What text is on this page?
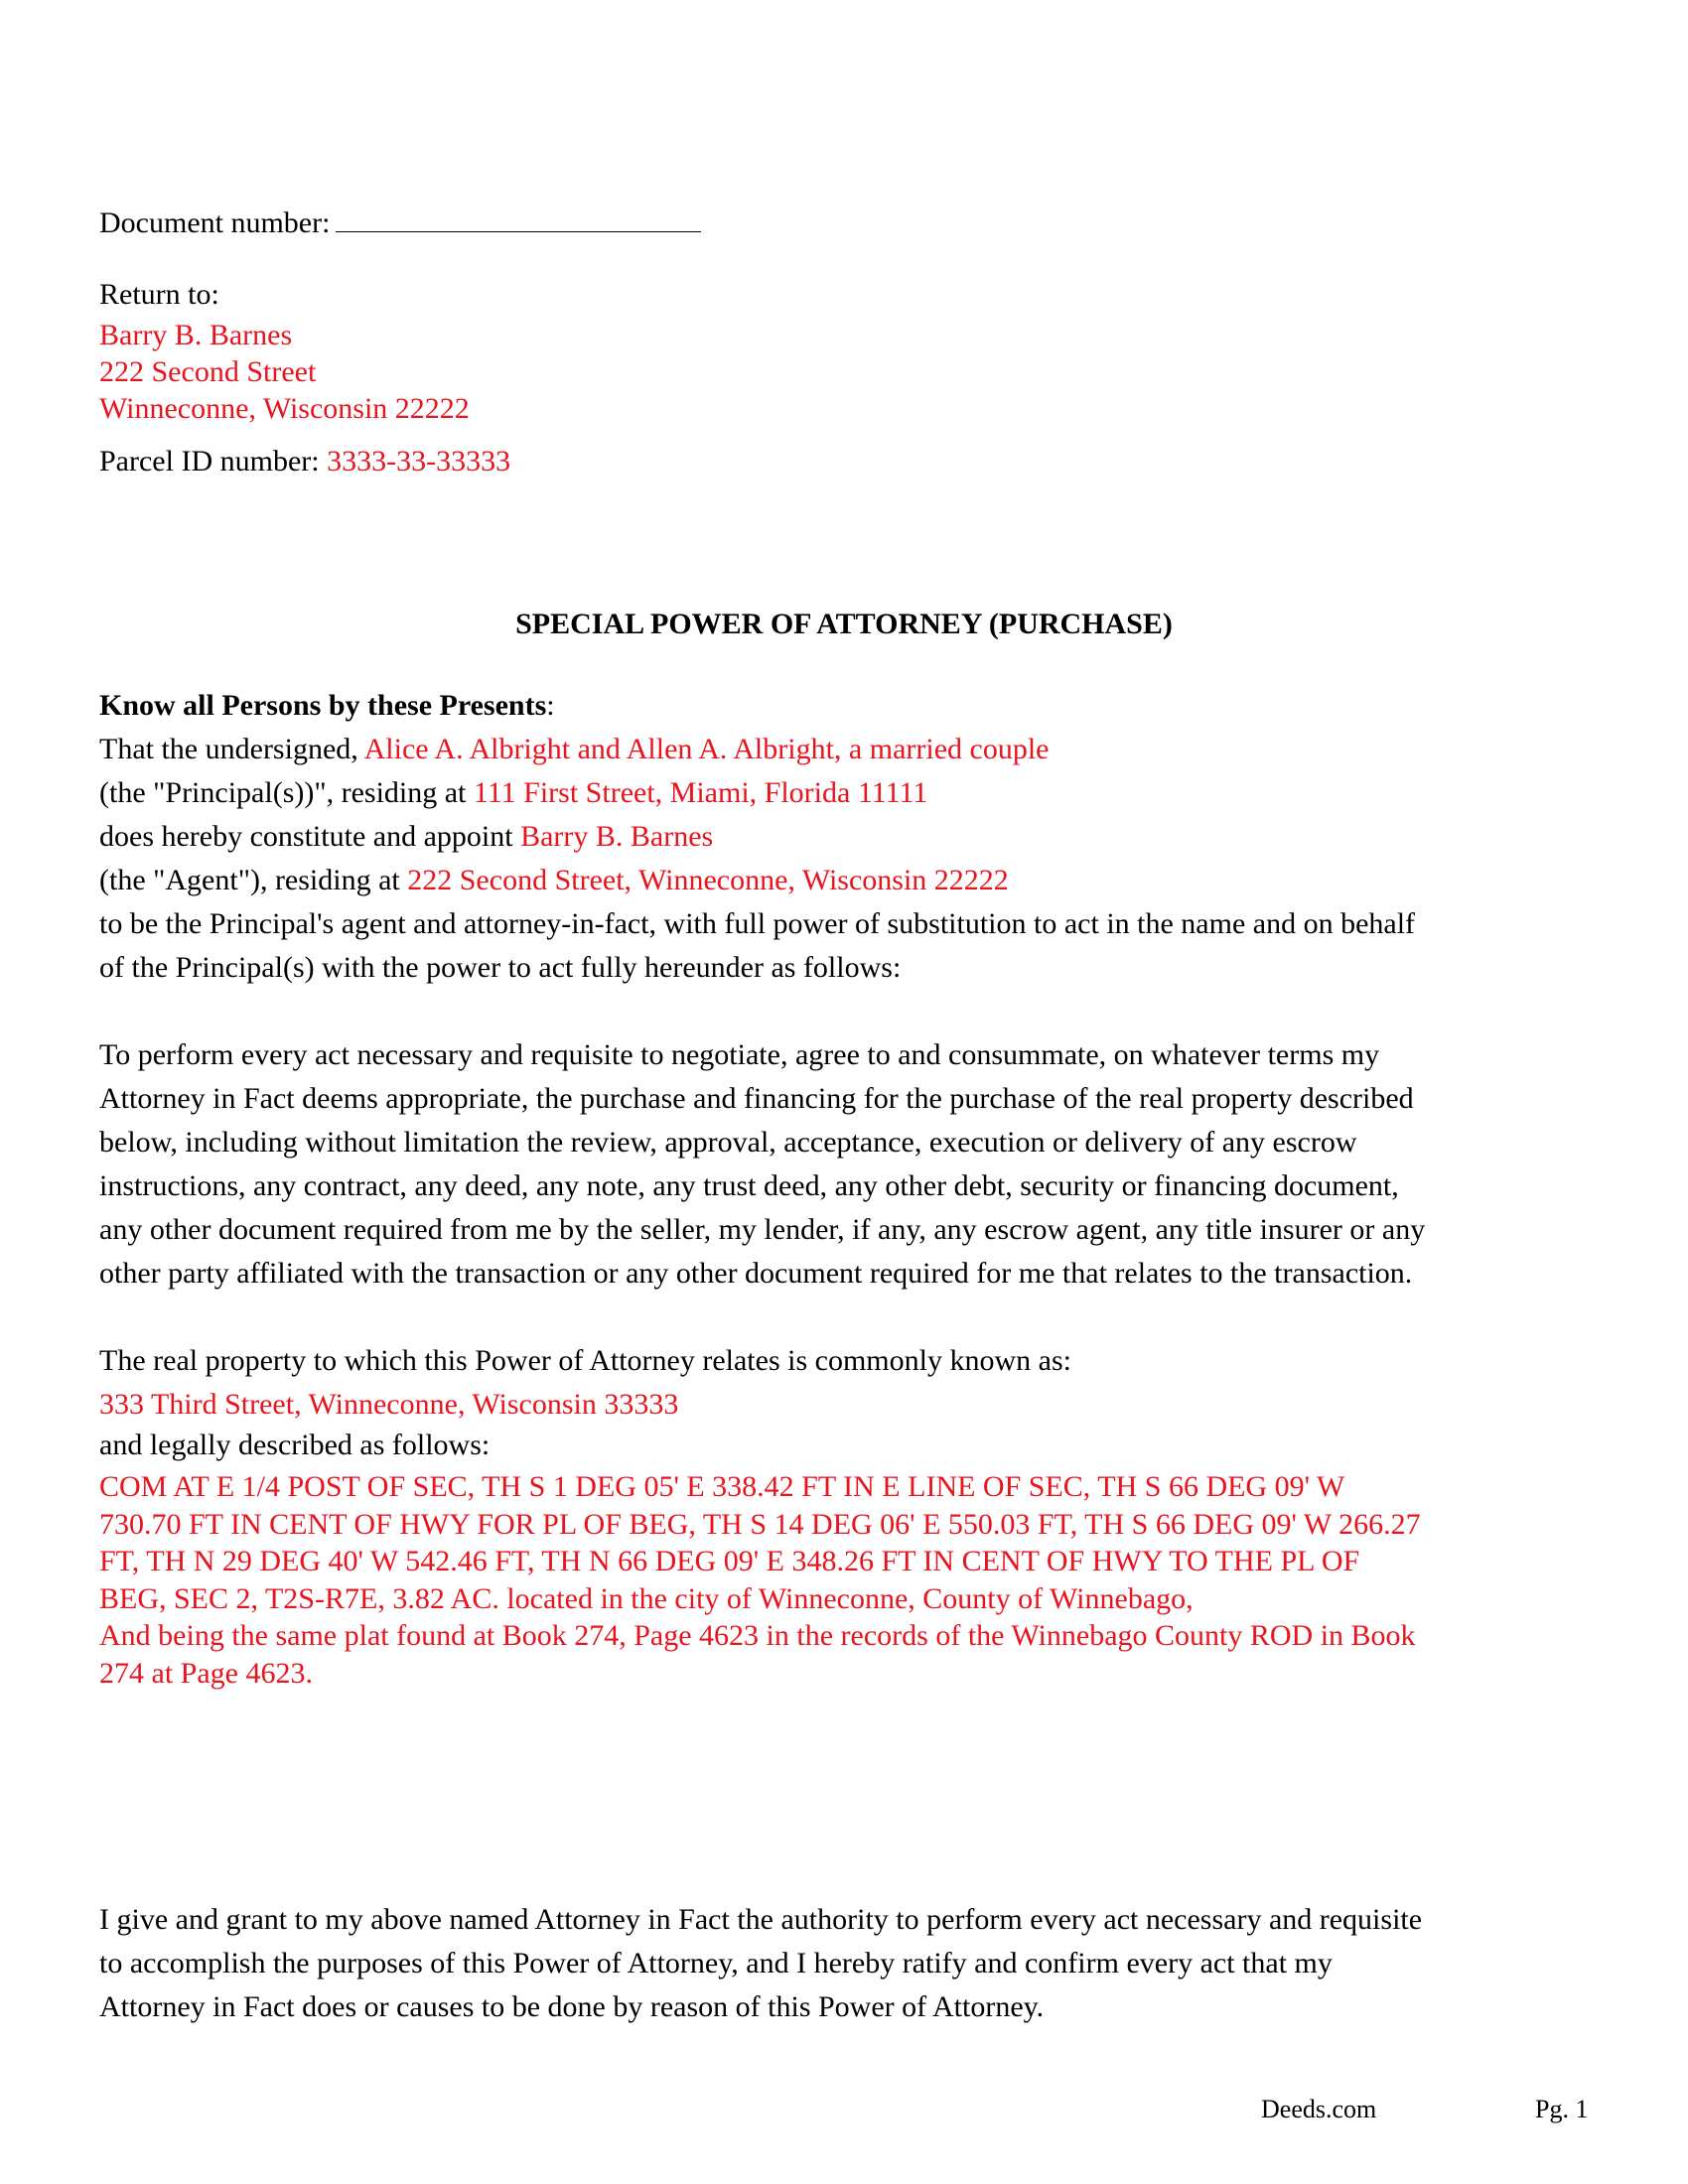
Document number:

Return to:

Barry B. Barnes

222 Second Street

Winneconne, Wisconsin 22222

Parcel ID number: 3333-33-33333

SPECIAL POWER OF ATTORNEY (PURCHASE)

Know all Persons by these Presents:

That the undersigned, Alice A. Albright and Allen A. Albright, a married couple

(the "Principal(s))", residing at 111 First Street, Miami, Florida 11111

does hereby constitute and appoint Barry B. Barnes

(the "Agent"), residing at 222 Second Street, Winneconne, Wisconsin 22222

to be the Principal's agent and attorney-in-fact, with full power of substitution to act in the name and on behalf

of the Principal(s) with the power to act fully hereunder as follows:

To perform every act necessary and requisite to negotiate, agree to and consummate, on whatever terms my

Attorney in Fact deems appropriate, the purchase and financing for the purchase of the real property described

below, including without limitation the review, approval, acceptance, execution or delivery of any escrow

instructions, any contract, any deed, any note, any trust deed, any other debt, security or financing document,

any other document required from me by the seller, my lender, if any, any escrow agent, any title insurer or any

other party affiliated with the transaction or any other document required for me that relates to the transaction.

The real property to which this Power of Attorney relates is commonly known as:

333 Third Street, Winneconne, Wisconsin 33333

and legally described as follows:

COM AT E 1/4 POST OF SEC, TH S 1 DEG 05' E 338.42 FT IN E LINE OF SEC, TH S 66 DEG 09' W

730.70 FT IN CENT OF HWY FOR PL OF BEG, TH S 14 DEG 06' E 550.03 FT, TH S 66 DEG 09' W 266.27

FT, TH N 29 DEG 40' W 542.46 FT, TH N 66 DEG 09' E 348.26 FT IN CENT OF HWY TO THE PL OF

BEG, SEC 2, T2S-R7E, 3.82 AC. located in the city of Winneconne, County of Winnebago,

And being the same plat found at Book 274, Page 4623 in the records of the Winnebago County ROD in Book

274 at Page 4623.

I give and grant to my above named Attorney in Fact the authority to perform every act necessary and requisite

to accomplish the purposes of this Power of Attorney, and I hereby ratify and confirm every act that my

Attorney in Fact does or causes to be done by reason of this Power of Attorney.

Deeds.com	Pg. 1
